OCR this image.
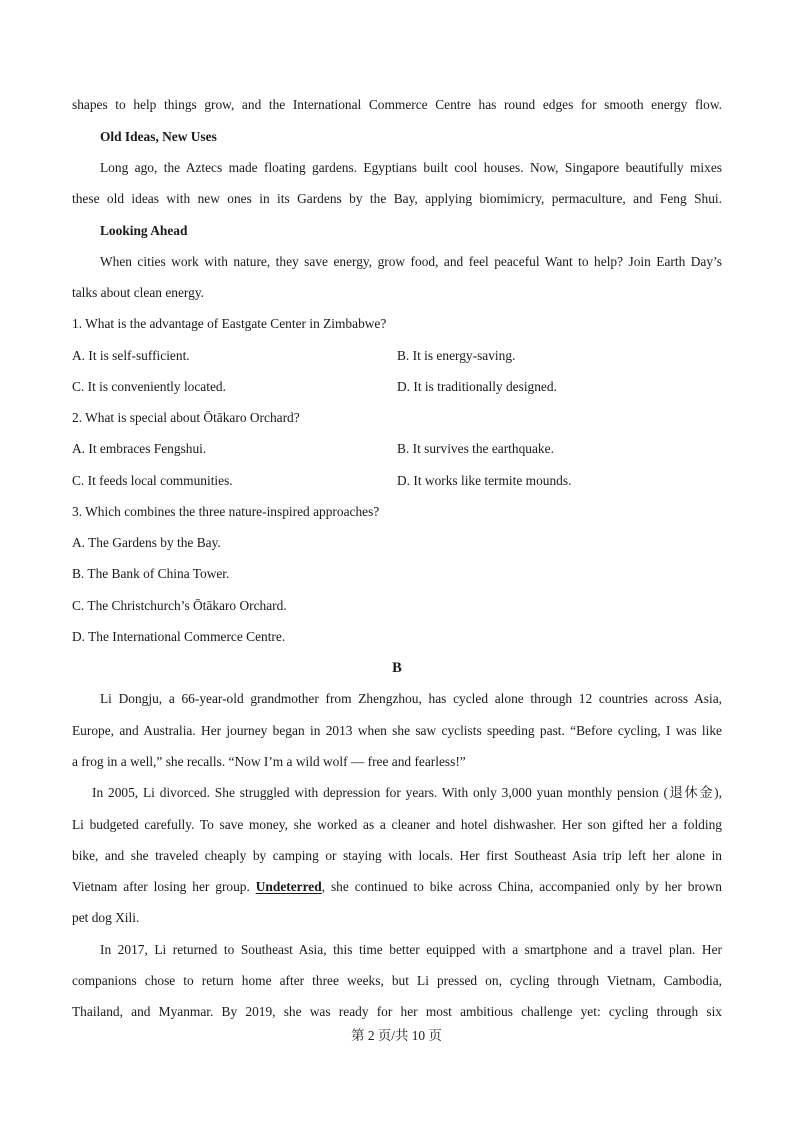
shapes to help things grow, and the International Commerce Centre has round edges for smooth energy flow.
Old Ideas, New Uses
Long ago, the Aztecs made floating gardens. Egyptians built cool houses. Now, Singapore beautifully mixes
these old ideas with new ones in its Gardens by the Bay, applying biomimicry, permaculture, and Feng Shui.
Looking Ahead
When cities work with nature, they save energy, grow food, and feel peaceful Want to help? Join Earth Day’s
talks about clean energy.
1. What is the advantage of Eastgate Center in Zimbabwe?
A. It is self-sufficient.	B. It is energy-saving.
C. It is conveniently located.	D. It is traditionally designed.
2. What is special about Ōtākaro Orchard?
A. It embraces Fengshui.	B. It survives the earthquake.
C. It feeds local communities.	D. It works like termite mounds.
3. Which combines the three nature-inspired approaches?
A. The Gardens by the Bay.
B. The Bank of China Tower.
C. The Christchurch’s Ōtākaro Orchard.
D. The International Commerce Centre.
B
Li Dongju, a 66-year-old grandmother from Zhengzhou, has cycled alone through 12 countries across Asia,
Europe, and Australia. Her journey began in 2013 when she saw cyclists speeding past. “Before cycling, I was like
a frog in a well,” she recalls. “Now I’m a wild wolf — free and fearless!”
In 2005, Li divorced. She struggled with depression for years. With only 3,000 yuan monthly pension (退休金),
Li budgeted carefully. To save money, she worked as a cleaner and hotel dishwasher. Her son gifted her a folding
bike, and she traveled cheaply by camping or staying with locals. Her first Southeast Asia trip left her alone in
Vietnam after losing her group. Undeterred, she continued to bike across China, accompanied only by her brown
pet dog Xili.
In 2017, Li returned to Southeast Asia, this time better equipped with a smartphone and a travel plan. Her
companions chose to return home after three weeks, but Li pressed on, cycling through Vietnam, Cambodia,
Thailand, and Myanmar. By 2019, she was ready for her most ambitious challenge yet: cycling through six
第 2 页/共 10 页
